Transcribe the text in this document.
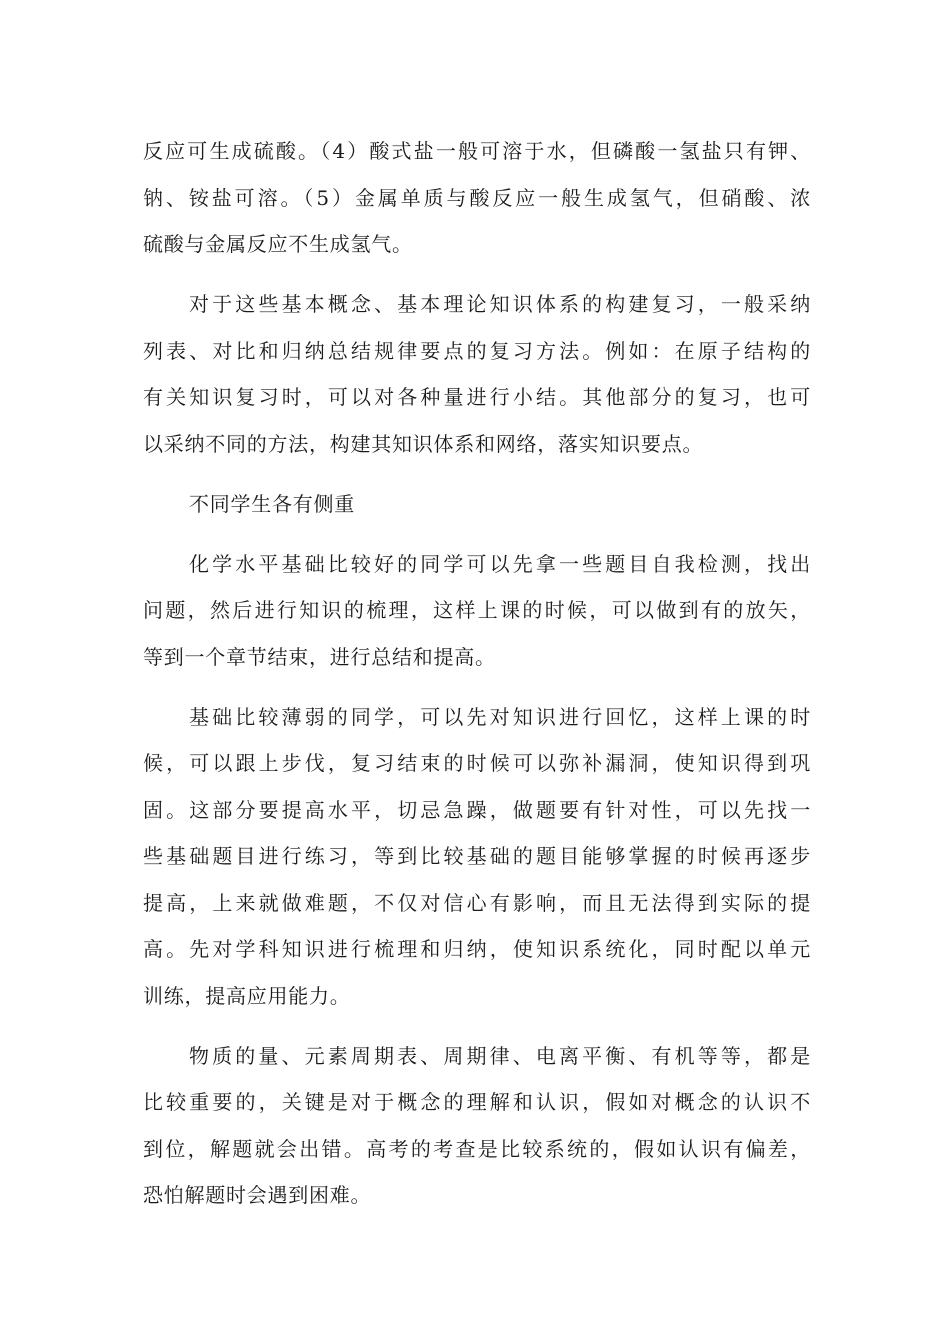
反应可生成硫酸。（4）酸式盐一般可溶于水，但磷酸一氢盐只有钾、
钠、铵盐可溶。（5）金属单质与酸反应一般生成氢气，但硝酸、浓
硫酸与金属反应不生成氢气。
对于这些基本概念、基本理论知识体系的构建复习，一般采纳
列表、对比和归纳总结规律要点的复习方法。例如：在原子结构的
有关知识复习时，可以对各种量进行小结。其他部分的复习，也可
以采纳不同的方法，构建其知识体系和网络，落实知识要点。
不同学生各有侧重
化学水平基础比较好的同学可以先拿一些题目自我检测，找出
问题，然后进行知识的梳理，这样上课的时候，可以做到有的放矢，
等到一个章节结束，进行总结和提高。
基础比较薄弱的同学，可以先对知识进行回忆，这样上课的时
候，可以跟上步伐，复习结束的时候可以弥补漏洞，使知识得到巩
固。这部分要提高水平，切忌急躁，做题要有针对性，可以先找一
些基础题目进行练习，等到比较基础的题目能够掌握的时候再逐步
提高，上来就做难题，不仅对信心有影响，而且无法得到实际的提
高。先对学科知识进行梳理和归纳，使知识系统化，同时配以单元
训练，提高应用能力。
物质的量、元素周期表、周期律、电离平衡、有机等等，都是
比较重要的，关键是对于概念的理解和认识，假如对概念的认识不
到位，解题就会出错。高考的考查是比较系统的，假如认识有偏差，
恐怕解题时会遇到困难。
